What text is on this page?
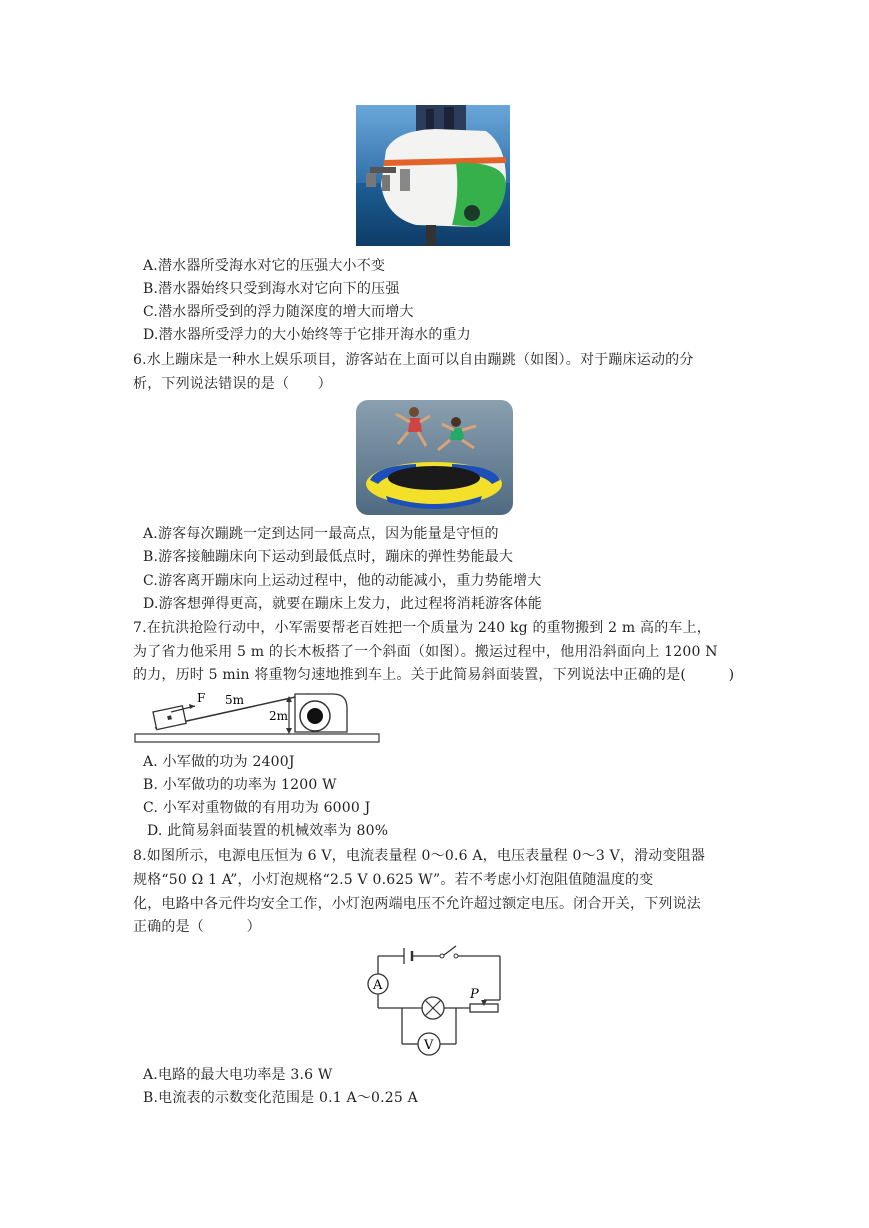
A.潜水器所受海水对它的压强大小不变
B.潜水器始终只受到海水对它向下的压强
C.潜水器所受到的浮力随深度的增大而增大
D.潜水器所受浮力的大小始终等于它排开海水的重力
6.水上蹦床是一种水上娱乐项目，游客站在上面可以自由蹦跳（如图）。对于蹦床运动的分
析，下列说法错误的是（　　）
A.游客每次蹦跳一定到达同一最高点，因为能量是守恒的
B.游客接触蹦床向下运动到最低点时，蹦床的弹性势能最大
C.游客离开蹦床向上运动过程中，他的动能减小，重力势能增大
D.游客想弹得更高，就要在蹦床上发力，此过程将消耗游客体能
7.在抗洪抢险行动中，小军需要帮老百姓把一个质量为 240 kg 的重物搬到 2 m 高的车上，
为了省力他采用 5 m 的长木板搭了一个斜面（如图）。搬运过程中，他用沿斜面向上 1200 N
的力，历时 5 min 将重物匀速地推到车上。关于此简易斜面装置，下列说法中正确的是(　　　)
F 5m
2m
A. 小军做的功为 2400J
B. 小军做功的功率为 1200 W
C. 小军对重物做的有用功为 6000 J
D. 此简易斜面装置的机械效率为 80%
8.如图所示，电源电压恒为 6 V，电流表量程 0～0.6 A，电压表量程 0～3 V，滑动变阻器
规格“50 Ω 1 A”，小灯泡规格“2.5 V 0.625 W”。若不考虑小灯泡阻值随温度的变
化，电路中各元件均安全工作，小灯泡两端电压不允许超过额定电压。闭合开关，下列说法
正确的是（　　　）
A
P
V
A.电路的最大电功率是 3.6 W
B.电流表的示数变化范围是 0.1 A～0.25 A
